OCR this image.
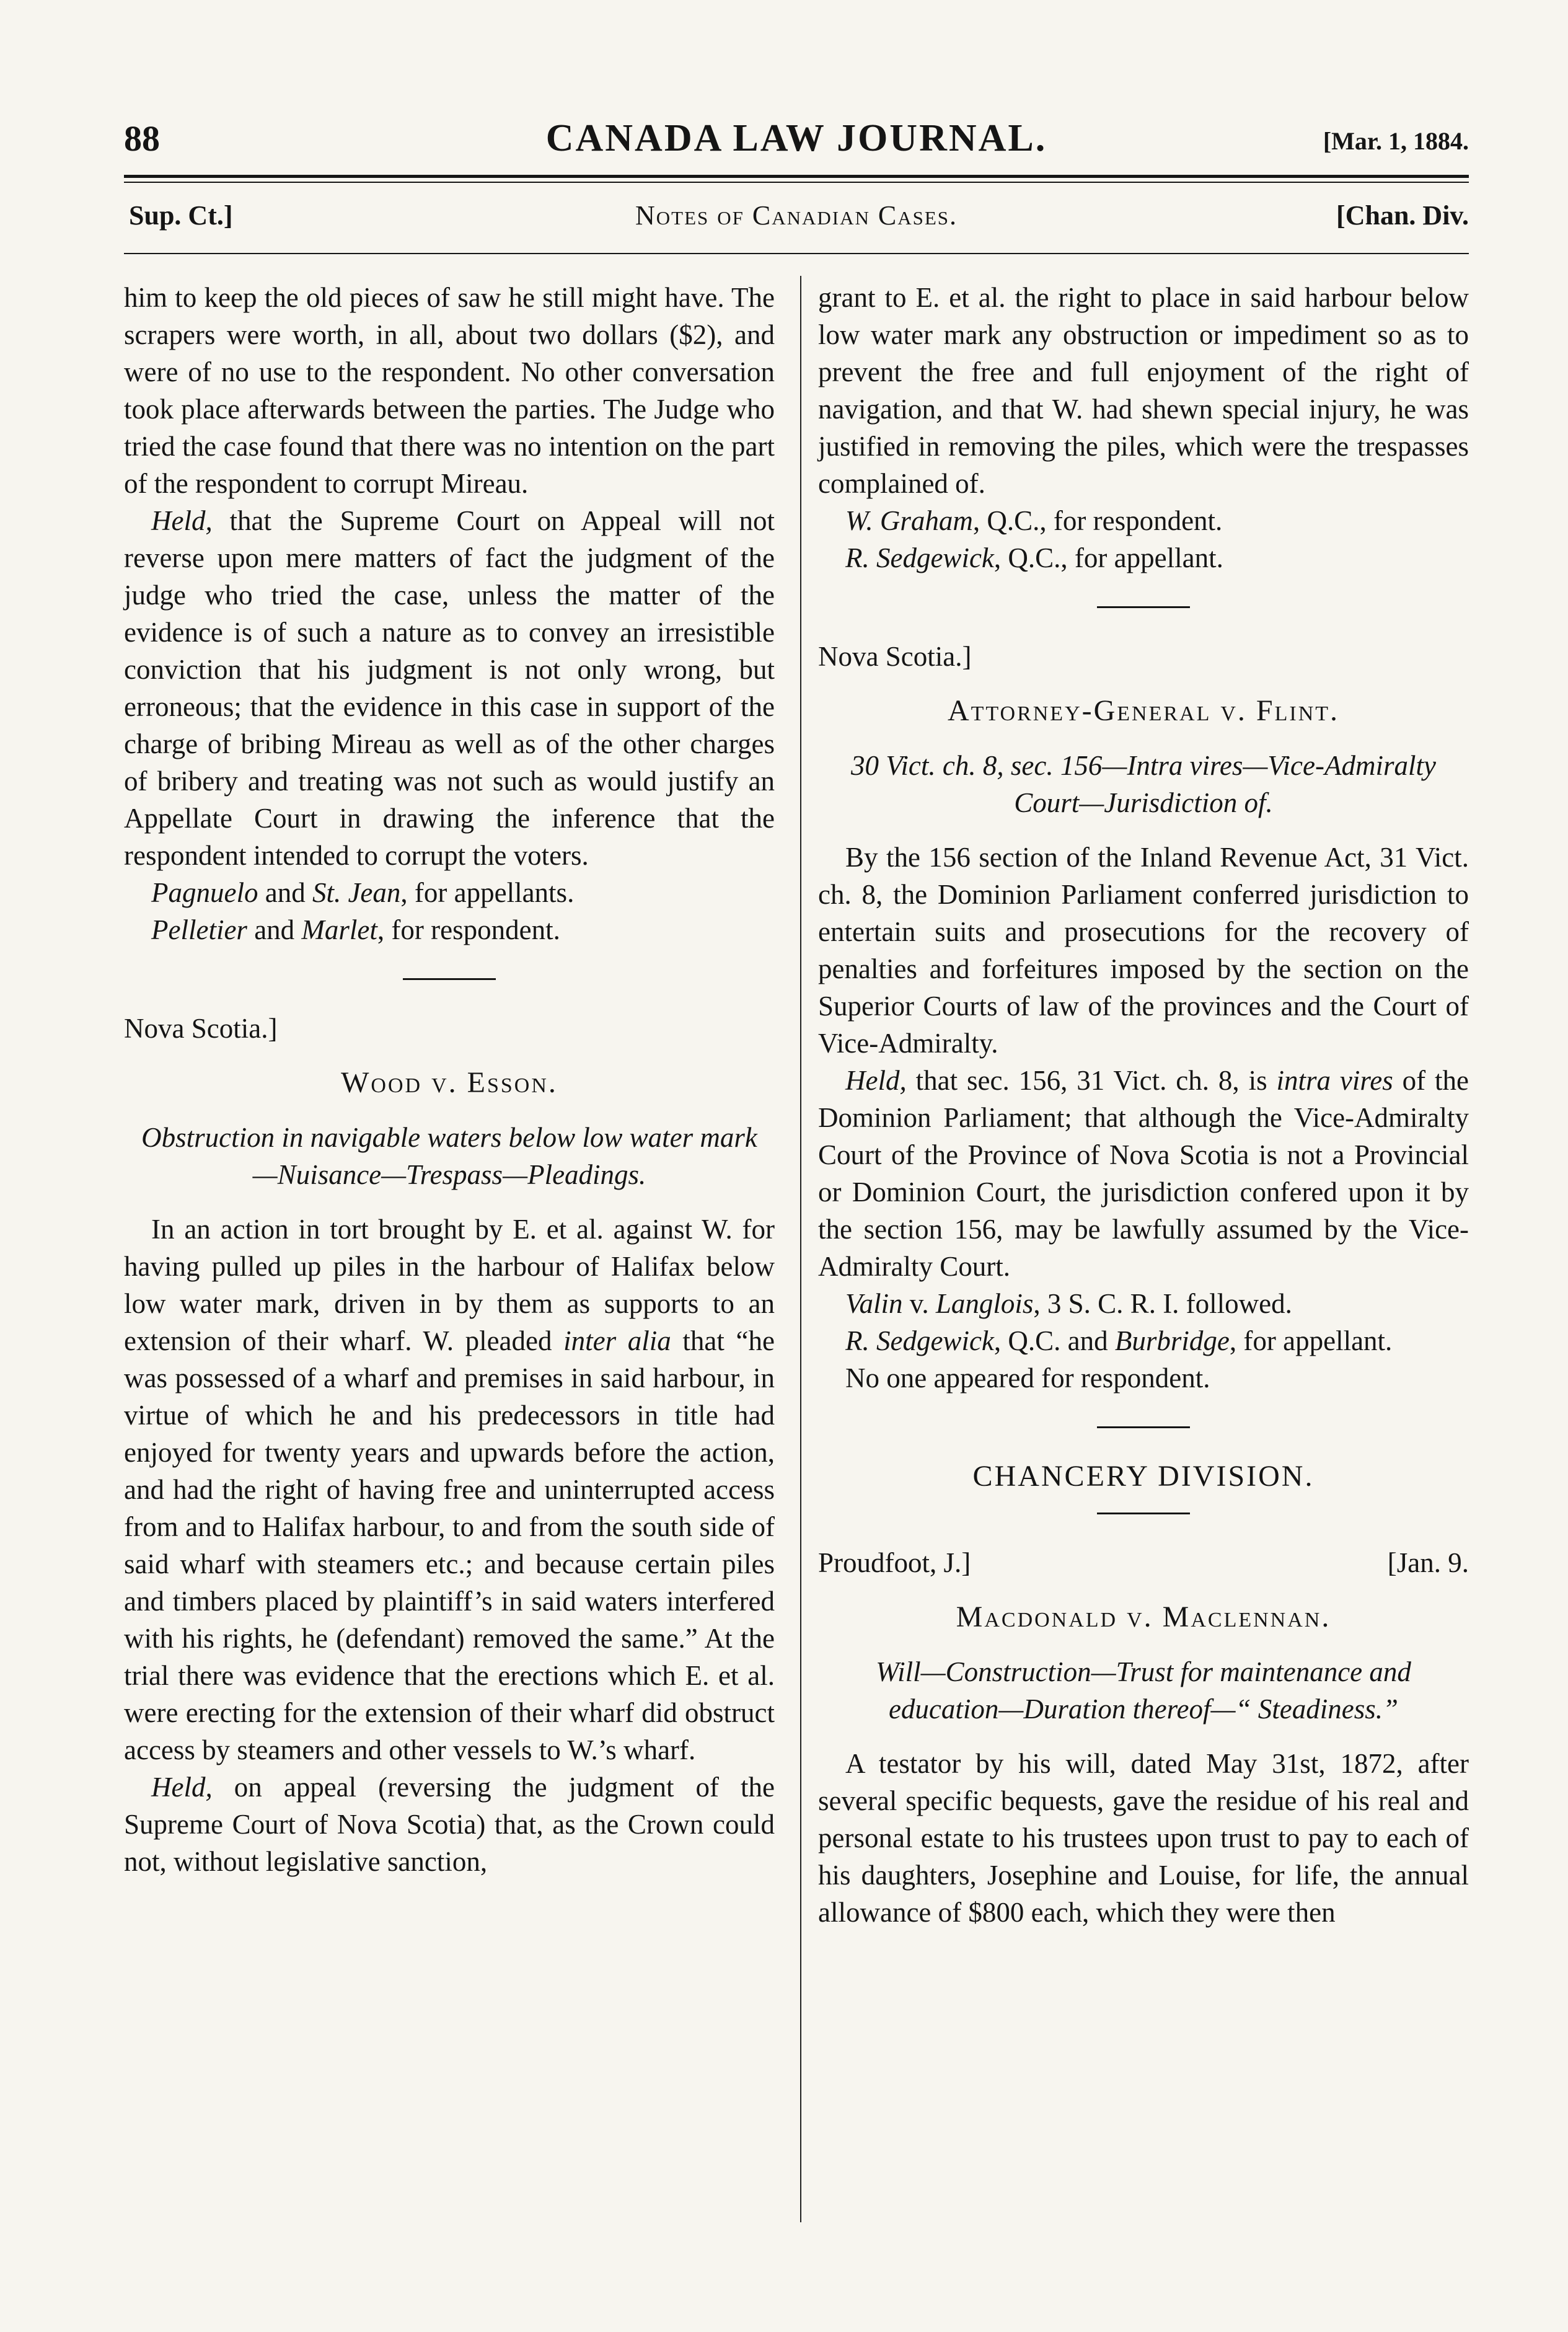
88	CANADA LAW JOURNAL.	[Mar. 1, 1884.
Sup. Ct.]	Notes of Canadian Cases.	[Chan. Div.

him to keep the old pieces of saw he still might have. The scrapers were worth, in all, about two dollars ($2), and were of no use to the respondent. No other conversation took place afterwards between the parties. The Judge who tried the case found that there was no intention on the part of the respondent to corrupt Mireau.

Held, that the Supreme Court on Appeal will not reverse upon mere matters of fact the judgment of the judge who tried the case, unless the matter of the evidence is of such a nature as to convey an irresistible conviction that his judgment is not only wrong, but erroneous; that the evidence in this case in support of the charge of bribing Mireau as well as of the other charges of bribery and treating was not such as would justify an Appellate Court in drawing the inference that the respondent intended to corrupt the voters.

Pagnuelo and St. Jean, for appellants.

Pelletier and Marlet, for respondent.

Nova Scotia.]

Wood v. Esson.

Obstruction in navigable waters below low water mark—Nuisance—Trespass—Pleadings.

In an action in tort brought by E. et al. against W. for having pulled up piles in the harbour of Halifax below low water mark, driven in by them as supports to an extension of their wharf. W. pleaded inter alia that “he was possessed of a wharf and premises in said harbour, in virtue of which he and his predecessors in title had enjoyed for twenty years and upwards before the action, and had the right of having free and uninterrupted access from and to Halifax harbour, to and from the south side of said wharf with steamers etc.; and because certain piles and timbers placed by plaintiff’s in said waters interfered with his rights, he (defendant) removed the same.” At the trial there was evidence that the erections which E. et al. were erecting for the extension of their wharf did obstruct access by steamers and other vessels to W.’s wharf.

Held, on appeal (reversing the judgment of the Supreme Court of Nova Scotia) that, as the Crown could not, without legislative sanction,

grant to E. et al. the right to place in said harbour below low water mark any obstruction or impediment so as to prevent the free and full enjoyment of the right of navigation, and that W. had shewn special injury, he was justified in removing the piles, which were the trespasses complained of.

W. Graham, Q.C., for respondent.

R. Sedgewick, Q.C., for appellant.

Nova Scotia.]

Attorney-General v. Flint.

30 Vict. ch. 8, sec. 156—Intra vires—Vice-Admiralty Court—Jurisdiction of.

By the 156 section of the Inland Revenue Act, 31 Vict. ch. 8, the Dominion Parliament conferred jurisdiction to entertain suits and prosecutions for the recovery of penalties and forfeitures imposed by the section on the Superior Courts of law of the provinces and the Court of Vice-Admiralty.

Held, that sec. 156, 31 Vict. ch. 8, is intra vires of the Dominion Parliament; that although the Vice-Admiralty Court of the Province of Nova Scotia is not a Provincial or Dominion Court, the jurisdiction confered upon it by the section 156, may be lawfully assumed by the Vice-Admiralty Court.

Valin v. Langlois, 3 S. C. R. I. followed.

R. Sedgewick, Q.C. and Burbridge, for appellant.

No one appeared for respondent.

CHANCERY DIVISION.

Proudfoot, J.]	[Jan. 9.

Macdonald v. Maclennan.

Will—Construction—Trust for maintenance and education—Duration thereof—“ Steadiness.”

A testator by his will, dated May 31st, 1872, after several specific bequests, gave the residue of his real and personal estate to his trustees upon trust to pay to each of his daughters, Josephine and Louise, for life, the annual allowance of $800 each, which they were then
